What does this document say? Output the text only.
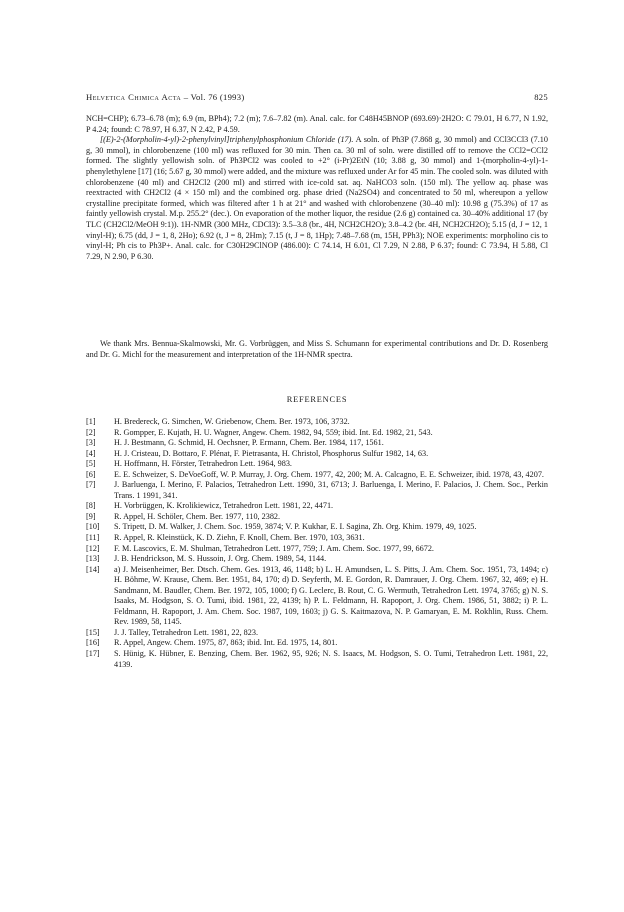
Helvetica Chimica Acta – Vol. 76 (1993)	825
NCH=CHP); 6.73–6.78 (m); 6.9 (m, BPh4); 7.2 (m); 7.6–7.82 (m). Anal. calc. for C48H45BNOP (693.69)·2H2O: C 79.01, H 6.77, N 1.92, P 4.24; found: C 78.97, H 6.37, N 2.42, P 4.59.
[(E)-2-(Morpholin-4-yl)-2-phenylvinyl]triphenylphosphonium Chloride (17). A soln. of Ph3P (7.868 g, 30 mmol) and CCl3CCl3 (7.10 g, 30 mmol), in chlorobenzene (100 ml) was refluxed for 30 min. Then ca. 30 ml of soln. were distilled off to remove the CCl2=CCl2 formed. The slightly yellowish soln. of Ph3PCl2 was cooled to +2° (i-Pr)2EtN (10; 3.88 g, 30 mmol) and 1-(morpholin-4-yl)-1-phenylethylene [17] (16; 5.67 g, 30 mmol) were added, and the mixture was refluxed under Ar for 45 min. The cooled soln. was diluted with chlorobenzene (40 ml) and CH2Cl2 (200 ml) and stirred with ice-cold sat. aq. NaHCO3 soln. (150 ml). The yellow aq. phase was reextracted with CH2Cl2 (4 × 150 ml) and the combined org. phase dried (Na2SO4) and concentrated to 50 ml, whereupon a yellow crystalline precipitate formed, which was filtered after 1 h at 21° and washed with chlorobenzene (30–40 ml): 10.98 g (75.3%) of 17 as faintly yellowish crystal. M.p. 255.2° (dec.). On evaporation of the mother liquor, the residue (2.6 g) contained ca. 30–40% additional 17 (by TLC (CH2Cl2/MeOH 9:1)). 1H-NMR (300 MHz, CDCl3): 3.5–3.8 (br., 4H, NCH2CH2O); 3.8–4.2 (br. 4H, NCH2CH2O); 5.15 (d, J = 12, 1 vinyl-H); 6.75 (dd, J = 1, 8, 2Ho); 6.92 (t, J = 8, 2Hm); 7.15 (t, J = 8, 1Hp); 7.48–7.68 (m, 15H, PPh3); NOE experiments: morpholino cis to vinyl-H; Ph cis to Ph3P+. Anal. calc. for C30H29ClNOP (486.00): C 74.14, H 6.01, Cl 7.29, N 2.88, P 6.37; found: C 73.94, H 5.88, Cl 7.29, N 2.90, P 6.30.
We thank Mrs. Bennua-Skalmowski, Mr. G. Vorbrüggen, and Miss S. Schumann for experimental contributions and Dr. D. Rosenberg and Dr. G. Michl for the measurement and interpretation of the 1H-NMR spectra.
REFERENCES
[1]	H. Bredereck, G. Simchen, W. Griebenow, Chem. Ber. 1973, 106, 3732.
[2]	R. Gompper, E. Kujath, H. U. Wagner, Angew. Chem. 1982, 94, 559; ibid. Int. Ed. 1982, 21, 543.
[3]	H. J. Bestmann, G. Schmid, H. Oechsner, P. Ermann, Chem. Ber. 1984, 117, 1561.
[4]	H. J. Cristeau, D. Bottaro, F. Plénat, F. Pietrasanta, H. Christol, Phosphorus Sulfur 1982, 14, 63.
[5]	H. Hoffmann, H. Förster, Tetrahedron Lett. 1964, 983.
[6]	E. E. Schweizer, S. DeVoeGoff, W. P. Murray, J. Org. Chem. 1977, 42, 200; M. A. Calcagno, E. E. Schweizer, ibid. 1978, 43, 4207.
[7]	J. Barluenga, I. Merino, F. Palacios, Tetrahedron Lett. 1990, 31, 6713; J. Barluenga, I. Merino, F. Palacios, J. Chem. Soc., Perkin Trans. 1 1991, 341.
[8]	H. Vorbrüggen, K. Krolikiewicz, Tetrahedron Lett. 1981, 22, 4471.
[9]	R. Appel, H. Schöler, Chem. Ber. 1977, 110, 2382.
[10]	S. Tripett, D. M. Walker, J. Chem. Soc. 1959, 3874; V. P. Kukhar, E. I. Sagina, Zh. Org. Khim. 1979, 49, 1025.
[11]	R. Appel, R. Kleinstück, K. D. Ziehn, F. Knoll, Chem. Ber. 1970, 103, 3631.
[12]	F. M. Lascovics, E. M. Shulman, Tetrahedron Lett. 1977, 759; J. Am. Chem. Soc. 1977, 99, 6672.
[13]	J. B. Hendrickson, M. S. Hussoin, J. Org. Chem. 1989, 54, 1144.
[14]	a) J. Meisenheimer, Ber. Dtsch. Chem. Ges. 1913, 46, 1148; b) L. H. Amundsen, L. S. Pitts, J. Am. Chem. Soc. 1951, 73, 1494; c) H. Böhme, W. Krause, Chem. Ber. 1951, 84, 170; d) D. Seyferth, M. E. Gordon, R. Damrauer, J. Org. Chem. 1967, 32, 469; e) H. Sandmann, M. Baudler, Chem. Ber. 1972, 105, 1000; f) G. Leclerc, B. Rout, C. G. Wermuth, Tetrahedron Lett. 1974, 3765; g) N. S. Isaaks, M. Hodgson, S. O. Tumi, ibid. 1981, 22, 4139; h) P. L. Feldmann, H. Rapoport, J. Org. Chem. 1986, 51, 3882; i) P. L. Feldmann, H. Rapoport, J. Am. Chem. Soc. 1987, 109, 1603; j) G. S. Kaitmazova, N. P. Gamaryan, E. M. Rokhlin, Russ. Chem. Rev. 1989, 58, 1145.
[15]	J. J. Talley, Tetrahedron Lett. 1981, 22, 823.
[16]	R. Appel, Angew. Chem. 1975, 87, 863; ibid. Int. Ed. 1975, 14, 801.
[17]	S. Hünig, K. Hübner, E. Benzing, Chem. Ber. 1962, 95, 926; N. S. Isaacs, M. Hodgson, S. O. Tumi, Tetrahedron Lett. 1981, 22, 4139.
